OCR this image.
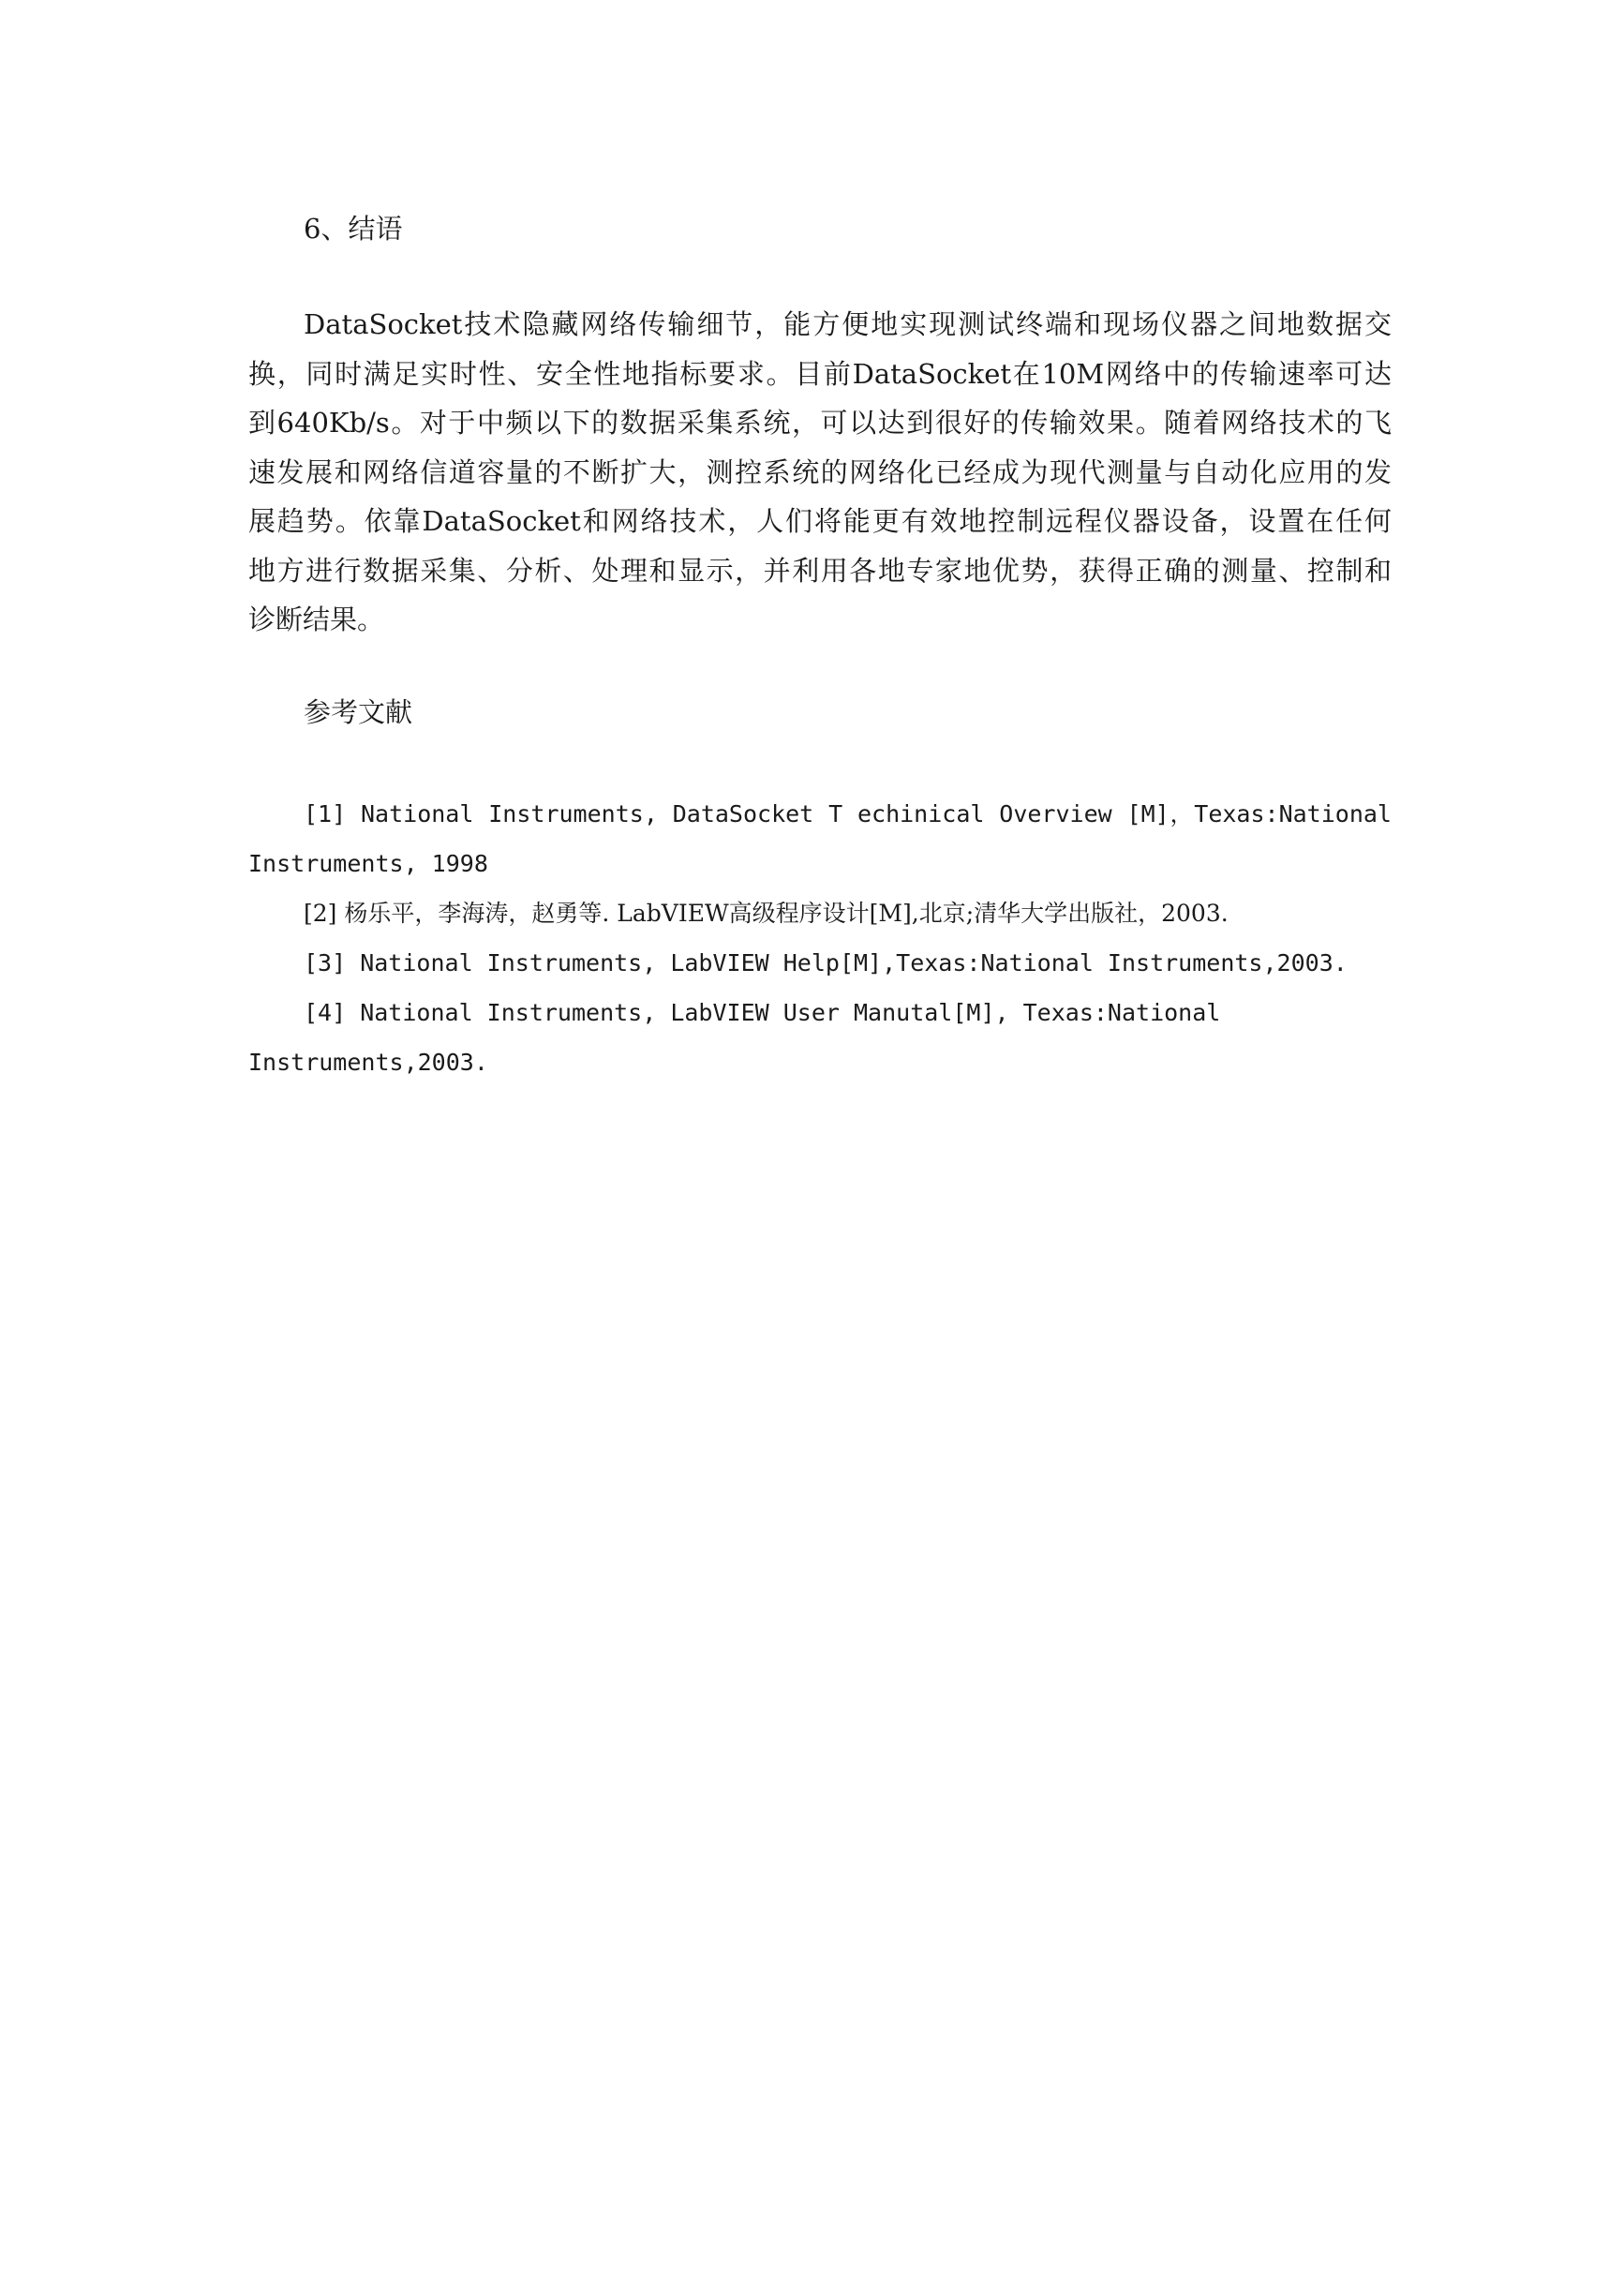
6、结语
DataSocket技术隐藏网络传输细节，能方便地实现测试终端和现场仪器之间地数据交
换，同时满足实时性、安全性地指标要求。目前DataSocket在10M网络中的传输速率可达
到640Kb/s。对于中频以下的数据采集系统，可以达到很好的传输效果。随着网络技术的飞
速发展和网络信道容量的不断扩大，测控系统的网络化已经成为现代测量与自动化应用的发
展趋势。依靠DataSocket和网络技术，人们将能更有效地控制远程仪器设备，设置在任何
地方进行数据采集、分析、处理和显示，并利用各地专家地优势，获得正确的测量、控制和
诊断结果。
参考文献
[1] National Instruments, DataSocket T echinical Overview [M]，Texas:National
Instruments, 1998
[2] 杨乐平，李海涛，赵勇等. LabVIEW高级程序设计[M],北京;清华大学出版社，2003.
[3] National Instruments, LabVIEW Help[M],Texas:National Instruments,2003.
[4] National Instruments, LabVIEW User Manutal[M], Texas:National
Instruments,2003.
